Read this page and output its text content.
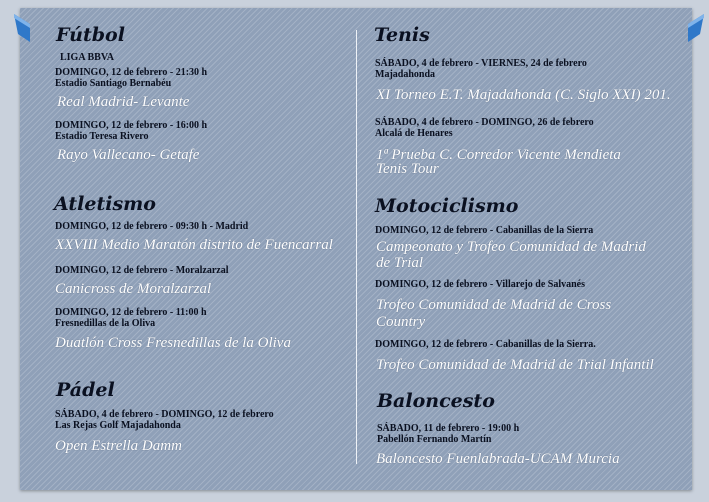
Fútbol

LIGA BBVA

DOMINGO, 12 de febrero - 21:30 h

Estadio Santiago Bernabéu

Real Madrid- Levante

DOMINGO, 12 de febrero - 16:00 h

Estadio Teresa Rivero

Rayo Vallecano- Getafe

Atletismo

DOMINGO, 12 de febrero - 09:30 h - Madrid

XXVIII Medio Maratón distrito de Fuencarral

DOMINGO, 12 de febrero - Moralzarzal

Canicross de Moralzarzal

DOMINGO, 12 de febrero - 11:00 h

Fresnedillas de la Oliva

Duatlón Cross Fresnedillas de la Oliva

Pádel

SÁBADO, 4 de febrero - DOMINGO, 12 de febrero

Las Rejas Golf Majadahonda

Open Estrella Damm

Tenis

SÁBADO, 4 de febrero - VIERNES, 24 de febrero

Majadahonda

XI Torneo E.T. Majadahonda (C. Siglo XXI) 201.

SÁBADO, 4 de febrero - DOMINGO, 26 de febrero

Alcalá de Henares

1ª Prueba C. Corredor Vicente Mendieta

Tenis Tour

Motociclismo

DOMINGO, 12 de febrero - Cabanillas de la Sierra

Campeonato y Trofeo Comunidad de Madrid

de Trial

DOMINGO, 12 de febrero - Villarejo de Salvanés

Trofeo Comunidad de Madrid de Cross

Country

DOMINGO, 12 de febrero - Cabanillas de la Sierra.

Trofeo Comunidad de Madrid de Trial Infantil

Baloncesto

SÁBADO, 11 de febrero - 19:00 h

Pabellón Fernando Martín

Baloncesto Fuenlabrada-UCAM Murcia
